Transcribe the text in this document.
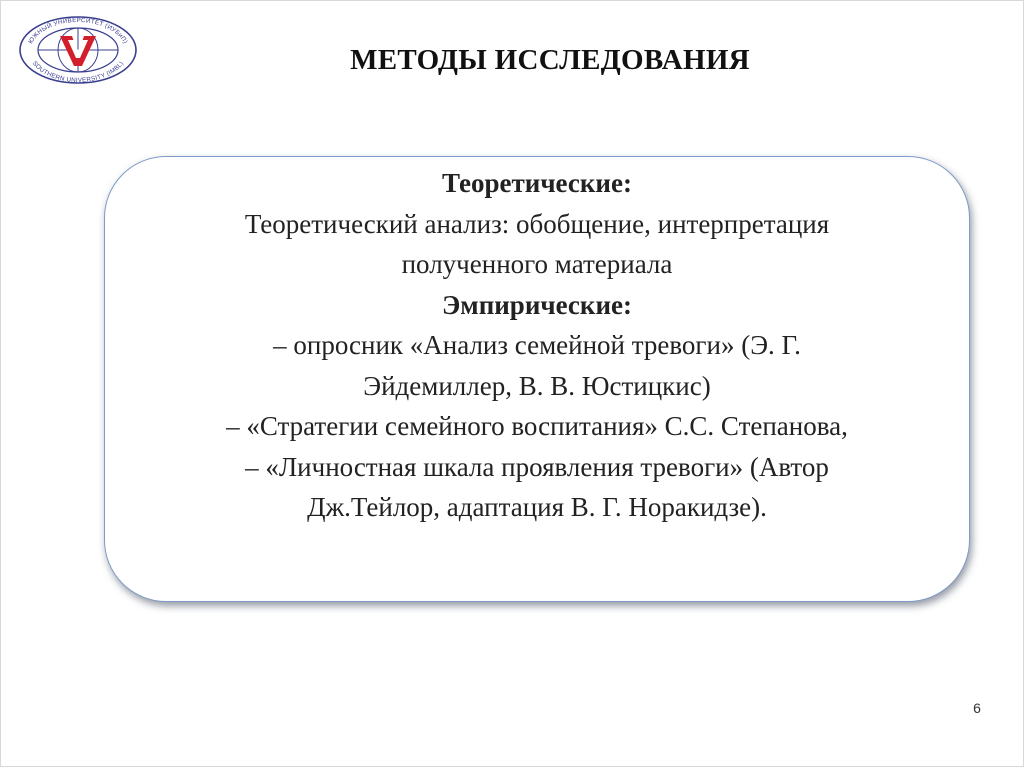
ЮЖНЫЙ УНИВЕРСИТЕТ (ИУБиП)
SOUTHERN UNIVERSITY (IMBL)	МЕТОДЫ ИССЛЕДОВАНИЯ
Теоретические:
Теоретический анализ: обобщение, интерпретация
полученного материала
Эмпирические:
– опросник «Анализ семейной тревоги» (Э. Г.
Эйдемиллер, В. В. Юстицкис)
– «Стратегии семейного воспитания» С.С. Степанова,
– «Личностная шкала проявления тревоги» (Автор
Дж.Тейлор, адаптация В. Г. Норакидзе).
6
